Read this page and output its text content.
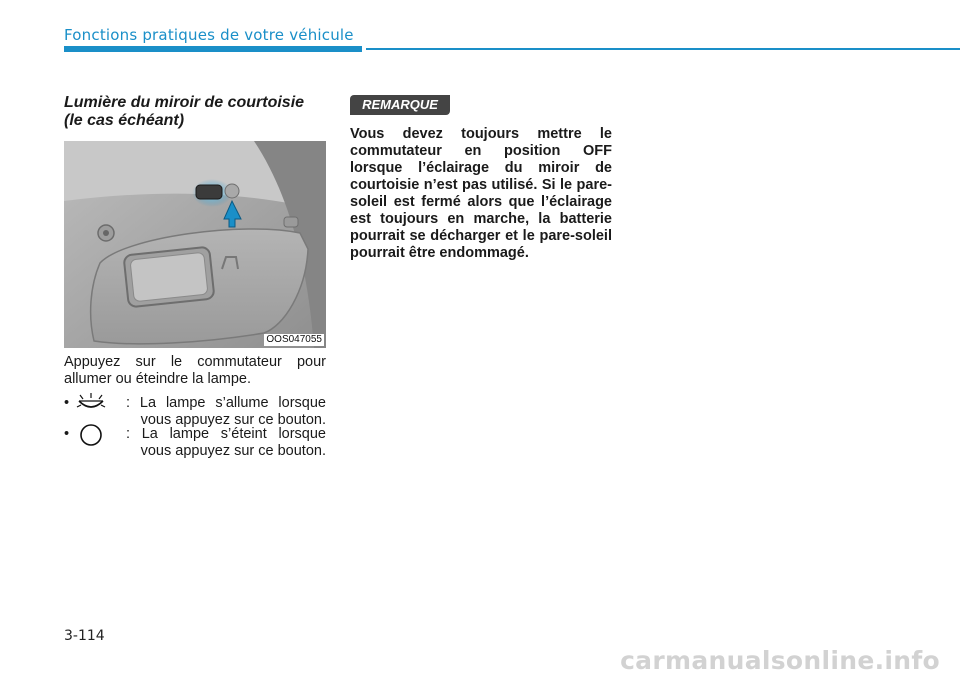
Fonctions pratiques de votre véhicule
Lumière du miroir de courtoisie
(le cas échéant)
OOS047055
Appuyez sur le commutateur pour allumer ou éteindre la lampe.
•	: La lampe s’allume lorsque
vous appuyez sur ce bouton.
•	: La lampe s’éteint lorsque
vous appuyez sur ce bouton.
REMARQUE
Vous devez toujours mettre le commutateur en position OFF lorsque l’éclairage du miroir de courtoisie n’est pas utilisé. Si le pare-soleil est fermé alors que l’éclairage est toujours en marche, la batterie pourrait se décharger et le pare-soleil pourrait être endommagé.
3-114
carmanualsonline.info
